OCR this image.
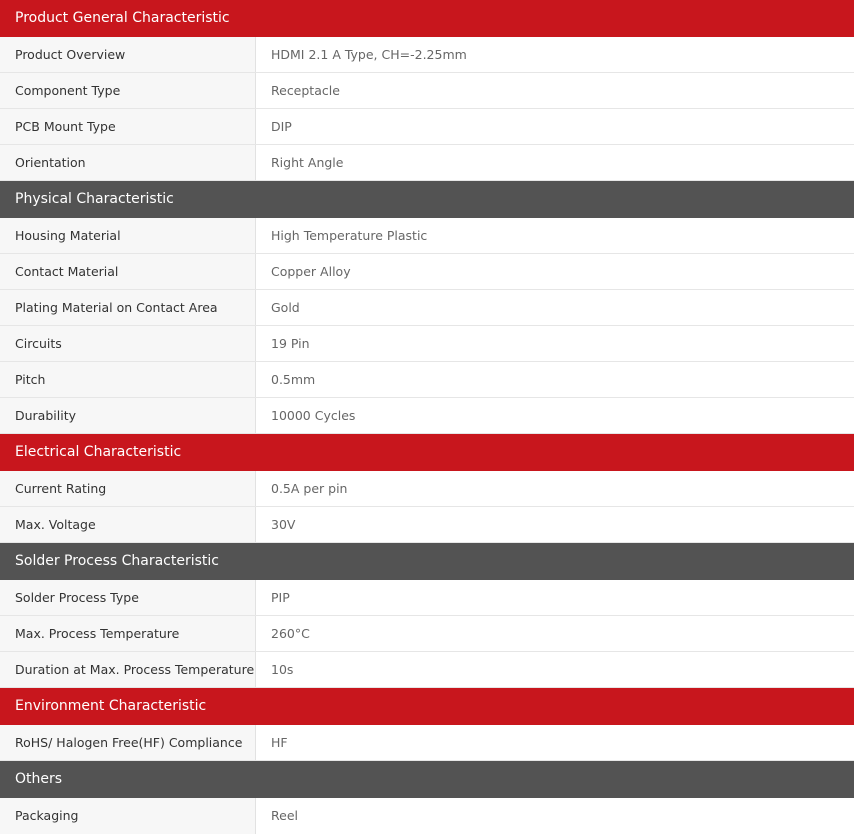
Product General Characteristic
Product Overview	HDMI 2.1 A Type, CH=-2.25mm
Component Type	Receptacle
PCB Mount Type	DIP
Orientation	Right Angle
Physical Characteristic
Housing Material	High Temperature Plastic
Contact Material	Copper Alloy
Plating Material on Contact Area	Gold
Circuits	19 Pin
Pitch	0.5mm
Durability	10000 Cycles
Electrical Characteristic
Current Rating	0.5A per pin
Max. Voltage	30V
Solder Process Characteristic
Solder Process Type	PIP
Max. Process Temperature	260°C
Duration at Max. Process Temperature	10s
Environment Characteristic
RoHS/ Halogen Free(HF) Compliance	HF
Others
Packaging	Reel
